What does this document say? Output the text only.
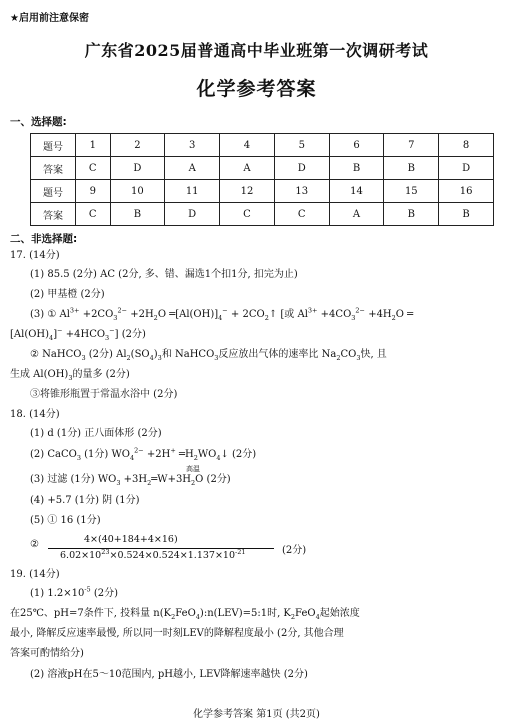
★启用前注意保密
广东省2025届普通高中毕业班第一次调研考试
化学参考答案
一、选择题:
题号	1	2	3	4	5	6	7	8
答案	C	D	A	A	D	B	B	D
题号	9	10	11	12	13	14	15	16
答案	C	B	D	C	C	A	B	B
二、非选择题:
17. (14分)
(1) 85.5 (2分) AC (2分, 多、错、漏选1个扣1分, 扣完为止)
(2) 甲基橙 (2分)
(3) ① $Al^{3+} +2CO_3^{2-} +2H_2O$ $═[Al(OH)]_4^-$ + $2CO_2↑$ [或 $Al^{3+} +4CO_3^{2-} +4H_2O$ ═
$[Al(OH)_4]^- +4HCO_3^-$] (2分)
② NaHCO$_3$ (2分) $Al_2(SO_4)_3$和 NaHCO$_3$反应放出气体的速率比 $Na_2CO_3$快, 且
生成 $Al(OH)_3$的量多 (2分)
③将锥形瓶置于常温水浴中 (2分)
18. (14分)
(1) d (1分) 正八面体形 (2分)
(2) CaCO$_3$ (1分) $WO_4^{2-} +2H^+$ $═H_2WO_4↓$ (2分)
高温
(3) 过滤 (1分) $WO_3$ $+3H_2═W+3H_2O$ (2分)
(4) +5.7 (1分) 阴 (1分)
(5) ① 16 (1分)
②	4×(40+184+4×16)
$6.02\times 10^{23}\times 0.524\times 0.524\times 1.137\times 10^{-21}$	(2分)
19. (14分)
(1) $1.2\times 10^{-5}$ (2分)
在25℃、pH=7条件下, 投料量 $n(K_2FeO_4):n(LEV)=5:1$时, $K_2FeO_4$起始浓度
最小, 降解反应速率最慢, 所以同一时刻LEV的降解程度最小 (2分, 其他合理
答案可酌情给分)
(2) 溶液pH在5～10范围内, pH越小, LEV降解速率越快 (2分)
化学参考答案 第1页 (共2页)
